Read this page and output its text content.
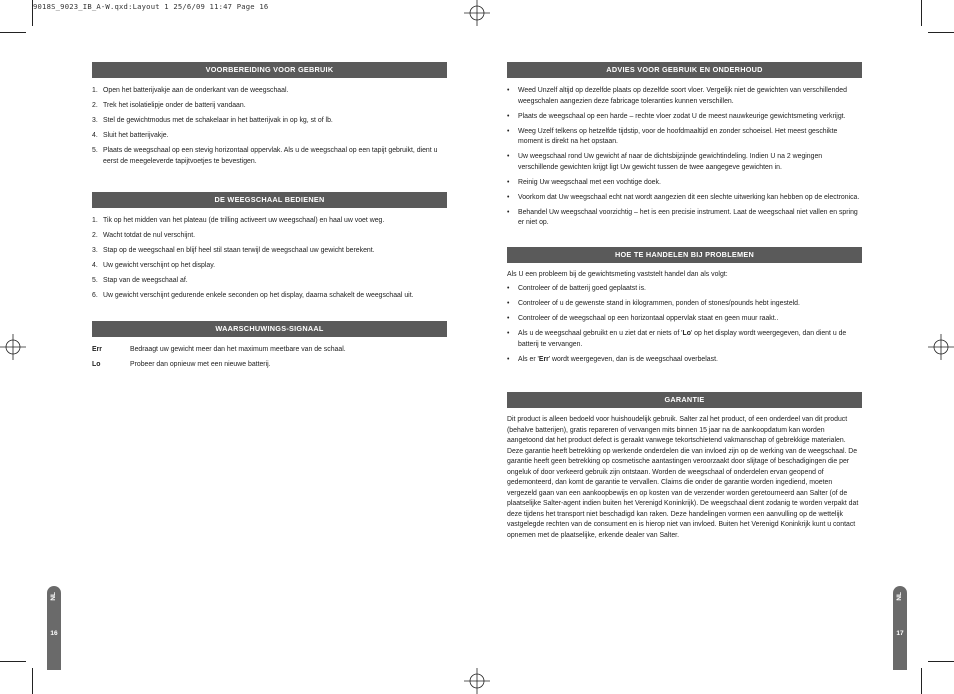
9018S_9023_IB_A-W.qxd:Layout 1 25/6/09 11:47 Page 16
VOORBEREIDING VOOR GEBRUIK
1. Open het batterijvakje aan de onderkant van de weegschaal.
2. Trek het isolatielipje onder de batterij vandaan.
3. Stel de gewichtmodus met de schakelaar in het batterijvak in op kg, st of lb.
4. Sluit het batterijvakje.
5. Plaats de weegschaal op een stevig horizontaal oppervlak. Als u de weegschaal op een tapijt gebruikt, dient u eerst de meegeleverde tapijtvoetjes te bevestigen.
DE WEEGSCHAAL BEDIENEN
1. Tik op het midden van het plateau (de trilling activeert uw weegschaal) en haal uw voet weg.
2. Wacht totdat de nul verschijnt.
3. Stap op de weegschaal en blijf heel stil staan terwijl de weegschaal uw gewicht berekent.
4. Uw gewicht verschijnt op het display.
5. Stap van de weegschaal af.
6. Uw gewicht verschijnt gedurende enkele seconden op het display, daarna schakelt de weegschaal uit.
WAARSCHUWINGS-SIGNAAL
Err	Bedraagt uw gewicht meer dan het maximum meetbare van de schaal.
Lo	Probeer dan opnieuw met een nieuwe batterij.
ADVIES VOOR GEBRUIK EN ONDERHOUD
• Weed Unzelf altijd op dezelfde plaats op dezelfde soort vloer. Vergelijk niet de gewichten van verschillended weegschalen aangezien deze fabricage toleranties kunnen verschillen.
• Plaats de weegschaal op een harde – rechte vloer zodat U de meest nauwkeurige gewichtsmeting verkrijgt.
• Weeg Uzelf telkens op hetzelfde tijdstip, voor de hoofdmaaltijd en zonder schoeisel. Het meest geschikte moment is direkt na het opstaan.
• Uw weegschaal rond Uw gewicht af naar de dichtsbijzijnde gewichtindeling. Indien U na 2 wegingen verschillende gewichten krijgt ligt Uw gewicht tussen de twee aangegeve gewichten in.
• Reinig Uw weegschaal met een vochtige doek.
• Voorkom dat Uw weegschaal echt nat wordt aangezien dit een slechte uitwerking kan hebben op de electronica.
• Behandel Uw weegschaal voorzichtig – het is een precisie instrument. Laat de weegschaal niet vallen en spring er niet op.
HOE TE HANDELEN BIJ PROBLEMEN
Als U een probleem bij de gewichtsmeting vaststelt handel dan als volgt:
• Controleer of de batterij goed geplaatst is.
• Controleer of u de gewenste stand in kilogrammen, ponden of stones/pounds hebt ingesteld.
• Controleer of de weegschaal op een horizontaal oppervlak staat en geen muur raakt..
• Als u de weegschaal gebruikt en u ziet dat er niets of 'Lo' op het display wordt weergegeven, dan dient u de batterij te vervangen.
• Als er 'Err' wordt weergegeven, dan is de weegschaal overbelast.
GARANTIE
Dit product is alleen bedoeld voor huishoudelijk gebruik. Salter zal het product, of een onderdeel van dit product (behalve batterijen), gratis repareren of vervangen mits binnen 15 jaar na de aankoopdatum kan worden aangetoond dat het product defect is geraakt vanwege tekortschietend vakmanschap of gebrekkige materialen. Deze garantie heeft betrekking op werkende onderdelen die van invloed zijn op de werking van de weegschaal. De garantie heeft geen betrekking op cosmetische aantastingen veroorzaakt door slijtage of beschadigingen die per ongeluk of door verkeerd gebruik zijn ontstaan. Worden de weegschaal of onderdelen ervan geopend of gedemonteerd, dan komt de garantie te vervallen. Claims die onder de garantie worden ingediend, moeten vergezeld gaan van een aankoopbewijs en op kosten van de verzender worden geretourneerd aan Salter (of de plaatselijke Salter-agent indien buiten het Verenigd Koninkrijk). De weegschaal dient zodanig te worden verpakt dat deze tijdens het transport niet beschadigd kan raken. Deze handelingen vormen een aanvulling op de wettelijk vastgelegde rechten van de consument en is hierop niet van invloed. Buiten het Verenigd Koninkrijk kunt u contact opnemen met de plaatselijke, erkende dealer van Salter.
NL
16
NL
17
